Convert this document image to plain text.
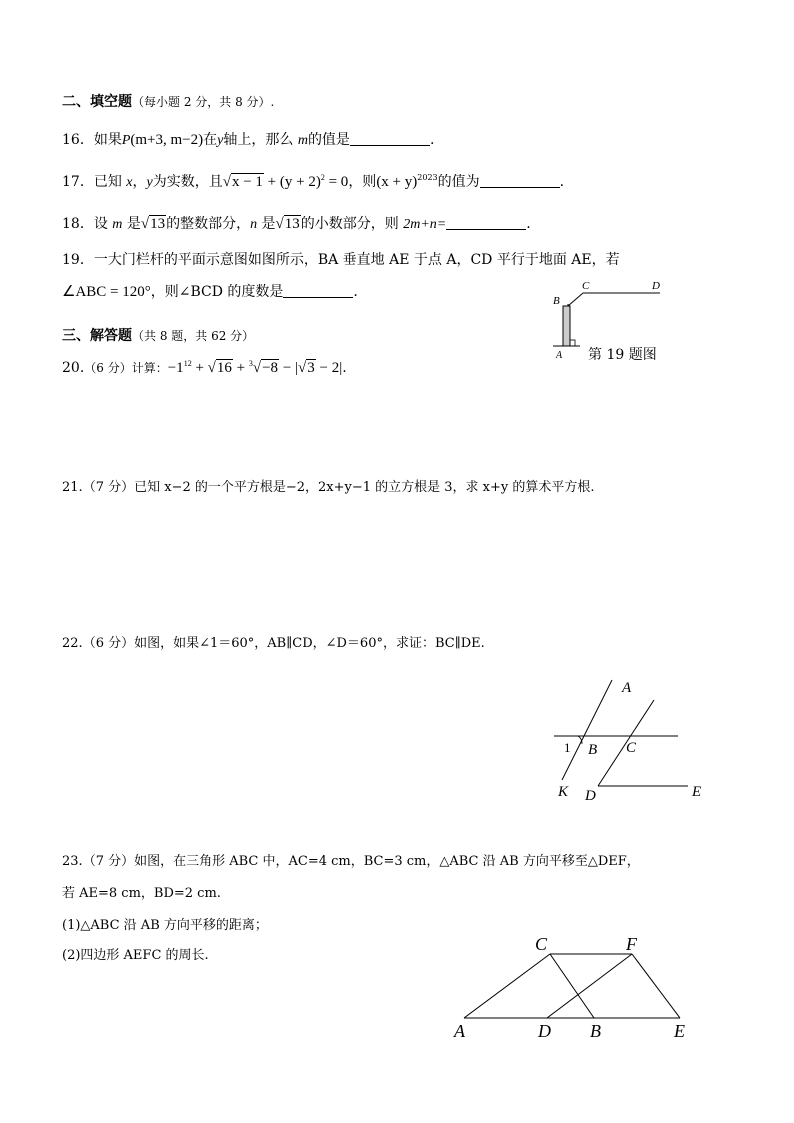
二、填空题（每小题 2 分，共 8 分）.
16．如果P(m+3, m−2)在y轴上，那么 m的值是	.
17．已知 x，y为实数，且$√x - 1 + (y + 2)^2 = 0$，则$(x + y)^{2023}$的值为	.
18．设 m 是√13的整数部分，n 是√13的小数部分，则 2m+n=	.
19．一大门栏杆的平面示意图如图所示，BA 垂直地 AE 于点 A，CD 平行于地面 AE，若
∠ABC = 120°，则∠BCD 的度数是	.
B
C	D
A 第 19 题图
三、解答题（共 8 题，共 62 分）
20.（6 分）计算：$-1^{12} + √16 + ^3√-8 - |√3 - 2|$.
21.（7 分）已知 x−2 的一个平方根是−2，2x+y−1 的立方根是 3，求 x+y 的算术平方根.
22.（6 分）如图，如果∠1＝60°，AB∥CD，∠D＝60°，求证：BC∥DE.
A
1 B C
K D	E
23.（7 分）如图，在三角形 ABC 中，AC=4 cm，BC=3 cm，△ABC 沿 AB 方向平移至△DEF，
若 AE=8 cm，BD=2 cm.
(1)△ABC 沿 AB 方向平移的距离；
(2)四边形 AEFC 的周长.
C	F
A	D B	E
